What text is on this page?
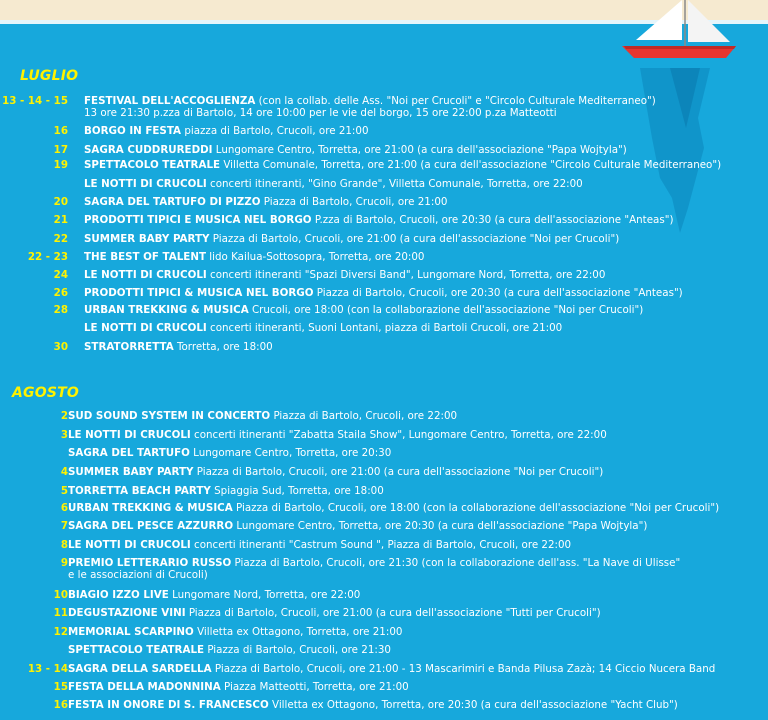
LUGLIO
13 - 14 - 15 FESTIVAL DELL'ACCOGLIENZA (con la collab. delle Ass. "Noi per Crucoli" e "Circolo Culturale Mediterraneo")
13 ore 21:30 p.zza di Bartolo, 14 ore 10:00 per le vie del borgo, 15 ore 22:00 p.za Matteotti
16 BORGO IN FESTA piazza di Bartolo, Crucoli, ore 21:00
17 SAGRA CUDDRUREDDI Lungomare Centro, Torretta, ore 21:00 (a cura dell'associazione "Papa Wojtyla")
19 SPETTACOLO TEATRALE Villetta Comunale, Torretta, ore 21:00 (a cura dell'associazione "Circolo Culturale Mediterraneo")
LE NOTTI DI CRUCOLI concerti itineranti, "Gino Grande", Villetta Comunale, Torretta, ore 22:00
20 SAGRA DEL TARTUFO DI PIZZO Piazza di Bartolo, Crucoli, ore 21:00
21 PRODOTTI TIPICI E MUSICA NEL BORGO P.zza di Bartolo, Crucoli, ore 20:30 (a cura dell'associazione "Anteas")
22 SUMMER BABY PARTY Piazza di Bartolo, Crucoli, ore 21:00 (a cura dell'associazione "Noi per Crucoli")
22 - 23 THE BEST OF TALENT lido Kailua-Sottosopra, Torretta, ore 20:00
24 LE NOTTI DI CRUCOLI concerti itineranti "Spazi Diversi Band", Lungomare Nord, Torretta, ore 22:00
26 PRODOTTI TIPICI & MUSICA NEL BORGO Piazza di Bartolo, Crucoli, ore 20:30 (a cura dell'associazione "Anteas")
28 URBAN TREKKING & MUSICA Crucoli, ore 18:00 (con la collaborazione dell'associazione "Noi per Crucoli")
LE NOTTI DI CRUCOLI concerti itineranti, Suoni Lontani, piazza di Bartoli Crucoli, ore 21:00
30 STRATORRETTA Torretta, ore 18:00
AGOSTO
2 SUD SOUND SYSTEM IN CONCERTO Piazza di Bartolo, Crucoli, ore 22:00
3 LE NOTTI DI CRUCOLI concerti itineranti "Zabatta Staila Show", Lungomare Centro, Torretta, ore 22:00
SAGRA DEL TARTUFO Lungomare Centro, Torretta, ore 20:30
4 SUMMER BABY PARTY Piazza di Bartolo, Crucoli, ore 21:00 (a cura dell'associazione "Noi per Crucoli")
5 TORRETTA BEACH PARTY Spiaggia Sud, Torretta, ore 18:00
6 URBAN TREKKING & MUSICA Piazza di Bartolo, Crucoli, ore 18:00 (con la collaborazione dell'associazione "Noi per Crucoli")
7 SAGRA DEL PESCE AZZURRO Lungomare Centro, Torretta, ore 20:30 (a cura dell'associazione "Papa Wojtyla")
8 LE NOTTI DI CRUCOLI concerti itineranti "Castrum Sound ", Piazza di Bartolo, Crucoli, ore 22:00
9 PREMIO LETTERARIO RUSSO Piazza di Bartolo, Crucoli, ore 21:30 (con la collaborazione dell'ass. "La Nave di Ulisse"
e le associazioni di Crucoli)
10 BIAGIO IZZO LIVE Lungomare Nord, Torretta, ore 22:00
11 DEGUSTAZIONE VINI Piazza di Bartolo, Crucoli, ore 21:00 (a cura dell'associazione "Tutti per Crucoli")
12 MEMORIAL SCARPINO Villetta ex Ottagono, Torretta, ore 21:00
SPETTACOLO TEATRALE Piazza di Bartolo, Crucoli, ore 21:30
13 - 14 SAGRA DELLA SARDELLA Piazza di Bartolo, Crucoli, ore 21:00 - 13 Mascarimiri e Banda Pilusa Zazà; 14 Ciccio Nucera Band
15 FESTA DELLA MADONNINA Piazza Matteotti, Torretta, ore 21:00
16 FESTA IN ONORE DI S. FRANCESCO Villetta ex Ottagono, Torretta, ore 20:30 (a cura dell'associazione "Yacht Club")
